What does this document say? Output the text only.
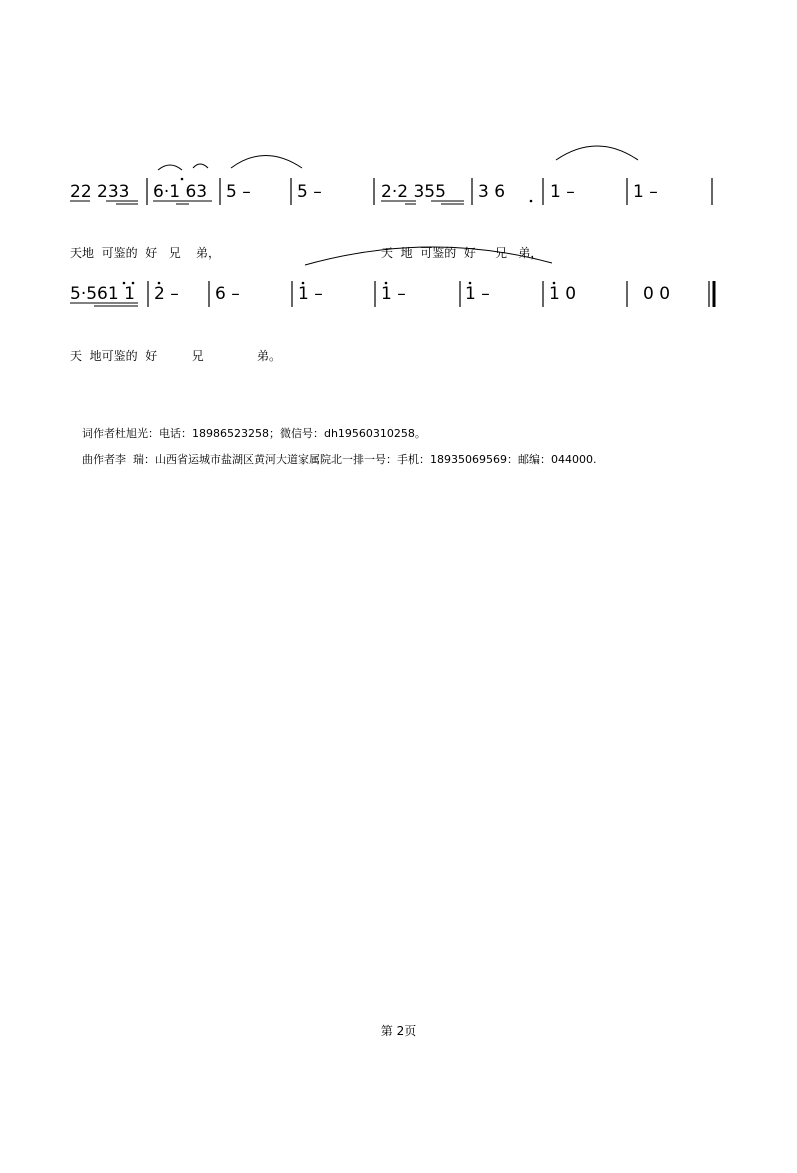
22 233 6·1 63 5 –	5 –	2·2 355 3 6	1 –	1 –
5·561 1 2 – 6 –	1 –	1 –	1 –	1 0	0 0
天地  可鉴的  好   兄    弟，	天  地  可鉴的  好     兄   弟，
天  地可鉴的  好         兄              弟。
词作者杜旭光：电话：18986523258；微信号：dh19560310258。
曲作者李  瑞：山西省运城市盐湖区黄河大道家属院北一排一号：手机：18935069569：邮编：044000.
第 2页
